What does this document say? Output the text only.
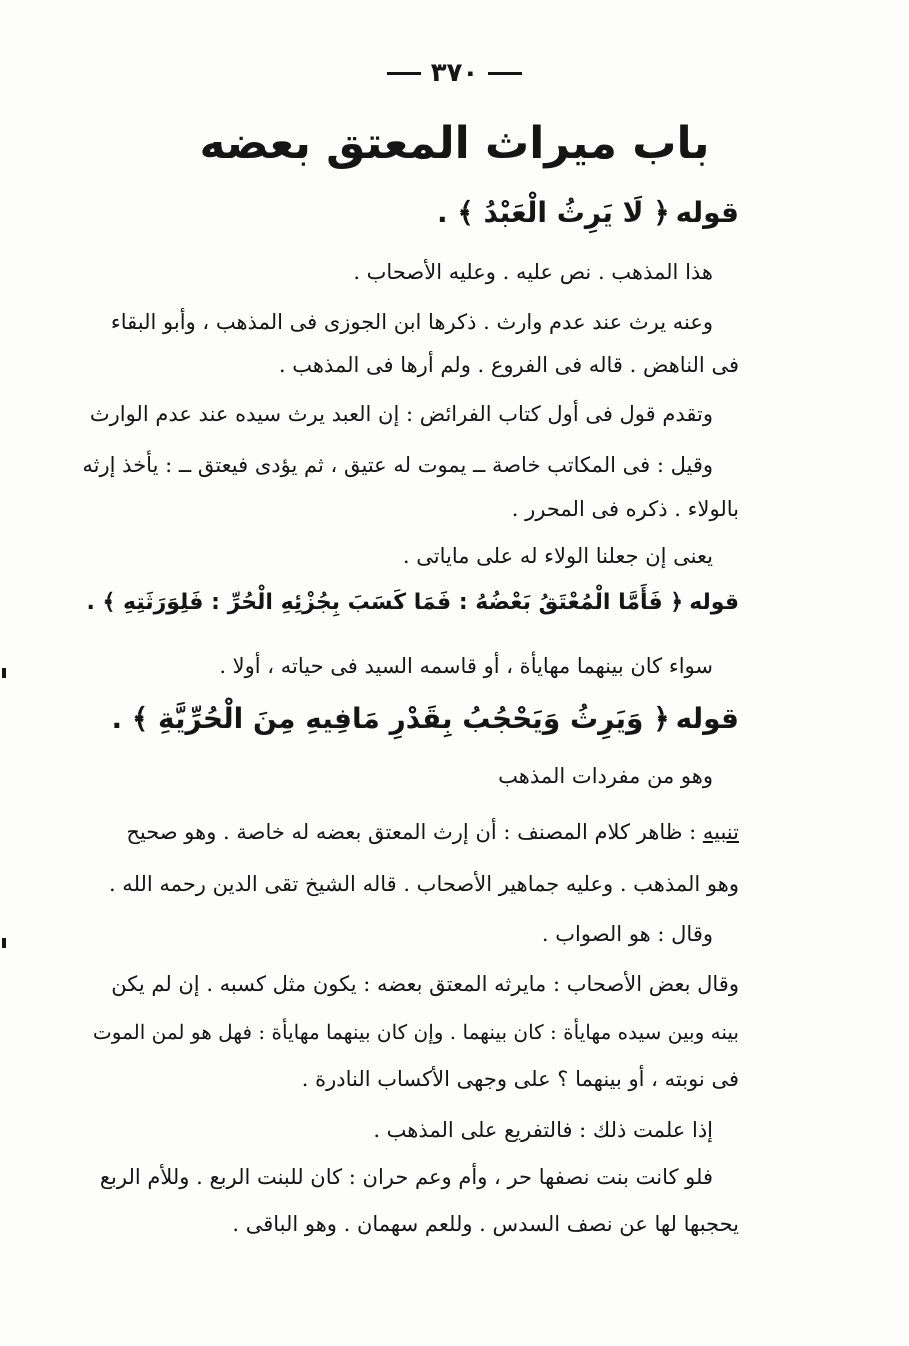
٣٧٠
باب ميراث المعتق بعضه
قوله﴿ لَا يَرِثُ الْعَبْدُ ﴾ .
هذا المذهب . نص عليه . وعليه الأصحاب .
وعنه يرث عند عدم وارث . ذكرها ابن الجوزى فى المذهب ، وأبو البقاء
فى الناهض . قاله فى الفروع . ولم أرها فى المذهب .
وتقدم قول فى أول كتاب الفرائض : إن العبد يرث سيده عند عدم الوارث
وقيل : فى المكاتب خاصة ــ يموت له عتيق ، ثم يؤدى فيعتق ــ : يأخذ إرثه
بالولاء . ذكره فى المحرر .
يعنى إن جعلنا الولاء له على ماياتى .
قوله﴿ فَأَمَّا الْمُعْتَقُ بَعْضُهُ : فَمَا كَسَبَ بِجُزْئِهِ الْحُرِّ : فَلِوَرَثَتِهِ ﴾ .
سواء كان بينهما مهايأة ، أو قاسمه السيد فى حياته ، أولا .
قوله﴿ وَيَرِثُ وَيَحْجُبُ بِقَدْرِ مَافِيهِ مِنَ الْحُرِّيَّةِ ﴾ .
وهو من مفردات المذهب
تنبيه : ظاهر كلام المصنف : أن إرث المعتق بعضه له خاصة . وهو صحيح
وهو المذهب . وعليه جماهير الأصحاب . قاله الشيخ تقى الدين رحمه الله .
وقال : هو الصواب .
وقال بعض الأصحاب : مايرثه المعتق بعضه : يكون مثل كسبه . إن لم يكن
بينه وبين سيده مهايأة : كان بينهما . وإن كان بينهما مهايأة : فهل هو لمن الموت
فى نوبته ، أو بينهما ؟ على وجهى الأكساب النادرة .
إذا علمت ذلك : فالتفريع على المذهب .
فلو كانت بنت نصفها حر ، وأم وعم حران : كان للبنت الربع . وللأم الربع
يحجبها لها عن نصف السدس . وللعم سهمان . وهو الباقى .
